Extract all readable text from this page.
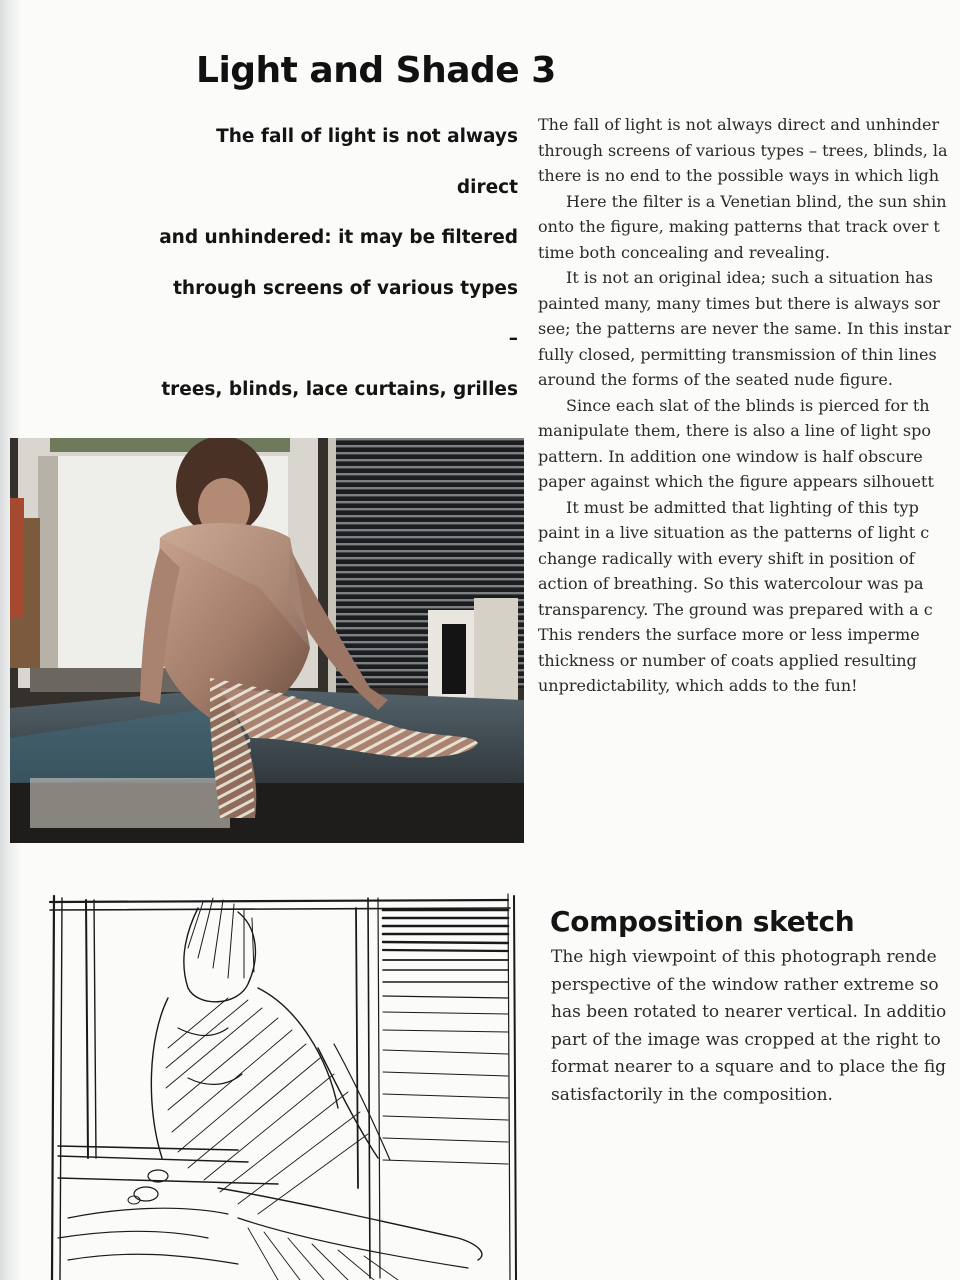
Light and Shade 3
The fall of light is not always direct
and unhindered: it may be filtered
through screens of various types –
trees, blinds, lace curtains, grilles
The fall of light is not always direct and unhinder
through screens of various types – trees, blinds, la
there is no end to the possible ways in which ligh
Here the filter is a Venetian blind, the sun shin
onto the figure, making patterns that track over t
time both concealing and revealing.
It is not an original idea; such a situation has
painted many, many times but there is always sor
see; the patterns are never the same. In this instar
fully closed, permitting transmission of thin lines
around the forms of the seated nude figure.
Since each slat of the blinds is pierced for th
manipulate them, there is also a line of light spo
pattern. In addition one window is half obscure
paper against which the figure appears silhouett
It must be admitted that lighting of this typ
paint in a live situation as the patterns of light c
change radically with every shift in position of
action of breathing. So this watercolour was pa
transparency. The ground was prepared with a c
This renders the surface more or less imperme
thickness or number of coats applied resulting
unpredictability, which adds to the fun!
Composition sketch
The high viewpoint of this photograph rende
perspective of the window rather extreme so
has been rotated to nearer vertical. In additio
part of the image was cropped at the right to
format nearer to a square and to place the fig
satisfactorily in the composition.
